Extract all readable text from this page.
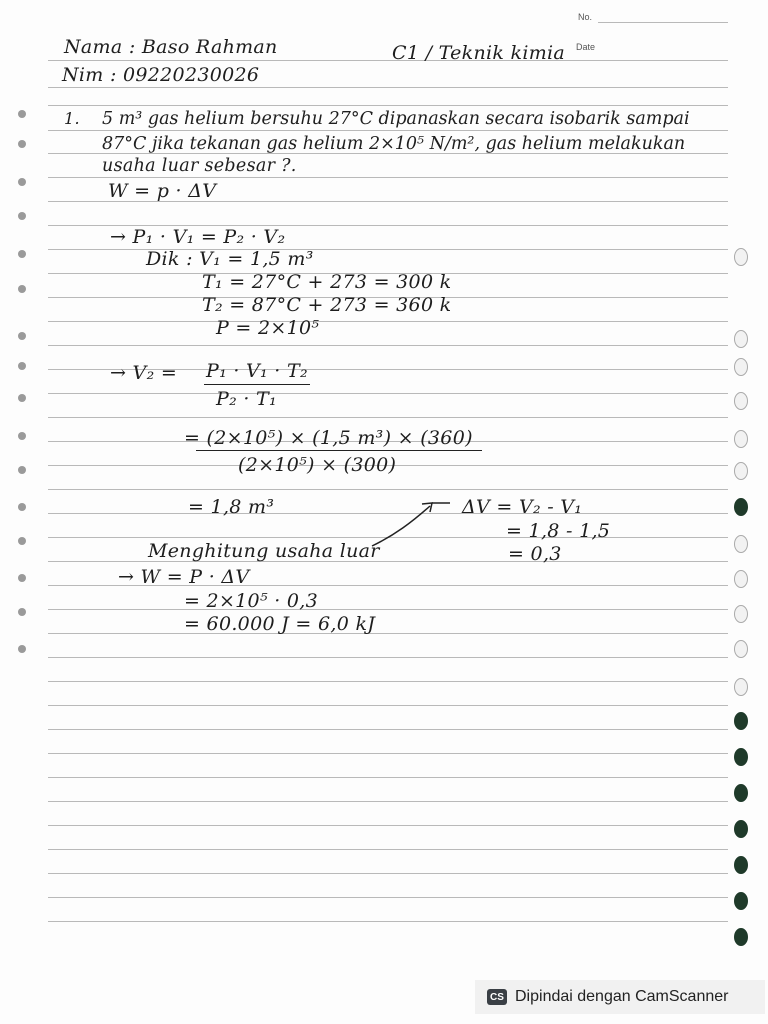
No.
Date
Nama : Baso Rahman	C1 / Teknik kimia
Nim : 09220230026
1. 5 m³ gas helium bersuhu 27°C dipanaskan secara isobarik sampai
87°C jika tekanan gas helium 2×10⁵ N/m², gas helium melakukan
usaha luar sebesar ?.
W = p · ΔV
→ P₁ · V₁ = P₂ · V₂
Dik : V₁ = 1,5 m³
T₁ = 27°C + 273 = 300 k
T₂ = 87°C + 273 = 360 k
P = 2×10⁵
→ V₂ = P₁ · V₁ · T₂
P₂ · T₁
= (2×10⁵) × (1,5 m³) × (360)
(2×10⁵) × (300)
= 1,8 m³	ΔV = V₂ - V₁
= 1,8 - 1,5
= 0,3
Menghitung usaha luar
→ W = P · ΔV
= 2×10⁵ · 0,3
= 60.000 J = 6,0 kJ
CS Dipindai dengan CamScanner
